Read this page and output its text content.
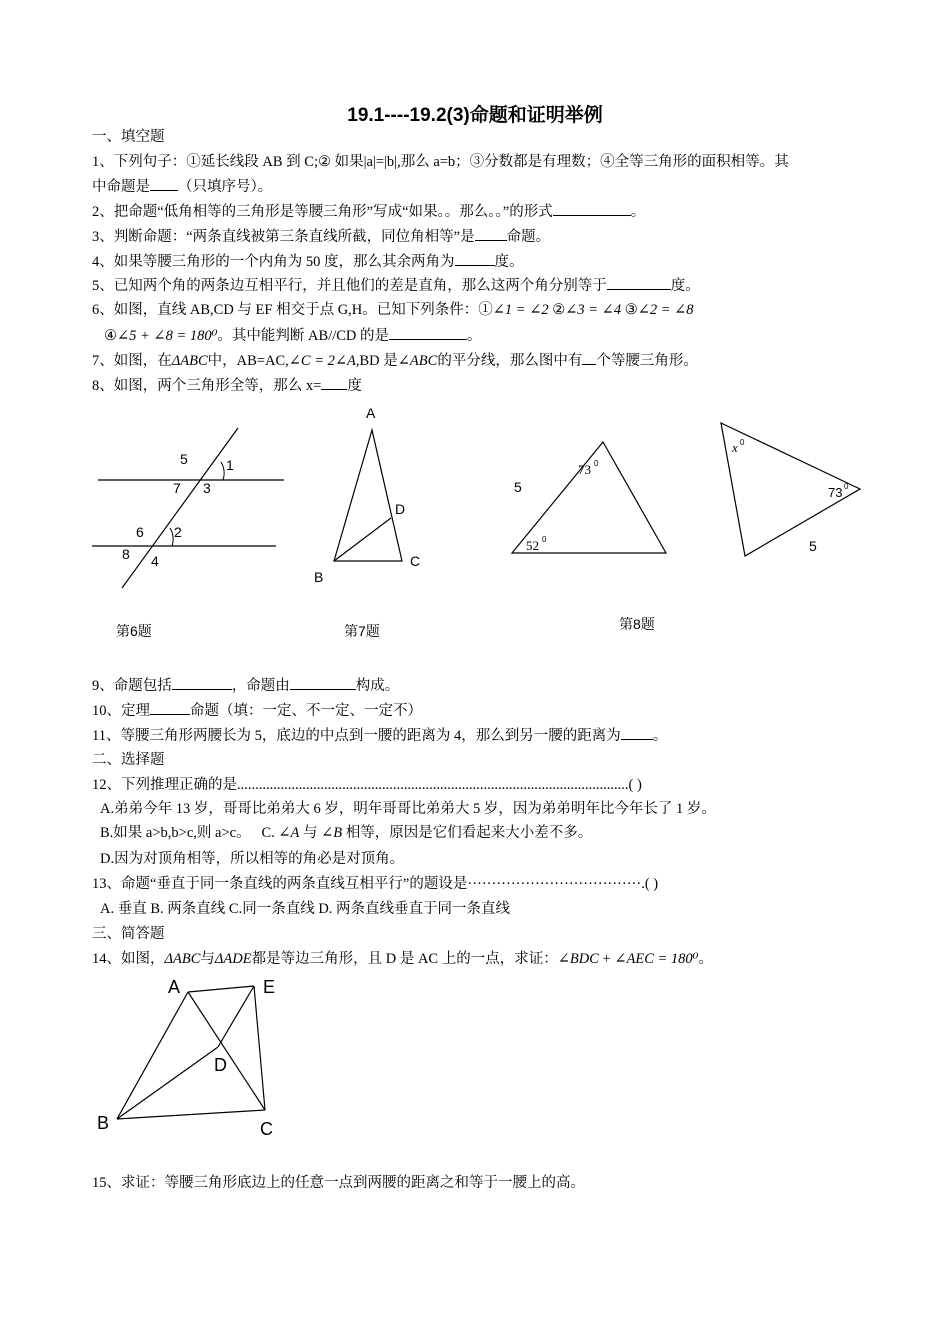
19.1----19.2(3)命题和证明举例
一、填空题
1、下列句子：①延长线段 AB 到 C;② 如果|a|=|b|,那么 a=b；③分数都是有理数；④全等三角形的面积相等。其
中命题是 （只填序号）。
2、把命题“低角相等的三角形是等腰三角形”写成“如果。。那么。。”的形式	。
3、判断命题：“两条直线被第三条直线所截，同位角相等”是 命题。
4、如果等腰三角形的一个内角为 50 度，那么其余两角为	度。
5、已知两个角的两条边互相平行，并且他们的差是直角，那么这两个角分别等于	度。
6、如图，直线 AB,CD 与 EF 相交于点 G,H。已知下列条件：①∠1 = ∠2 ②∠3 = ∠4 ③∠2 = ∠8
④∠5 + ∠8 = 180⁰。其中能判断 AB//CD 的是	。
7、如图，在ΔABC中，AB=AC,∠C = 2∠A,BD 是∠ABC的平分线，那么图中有 个等腰三角形。
8、如图，两个三角形全等，那么 x= 度
5	1
7 3
6 2
8 4
第6题
A
D
B
C
第7题
5
73 0
52 0
x 0
73 0
5
第8题
9、命题包括	，命题由	构成。
10、定理	命题（填：一定、不一定、一定不）
11、等腰三角形两腰长为 5，底边的中点到一腰的距离为 4，那么到另一腰的距离为 。
二、选择题
12、下列推理正确的是............................................................................................................( )
A.弟弟今年 13 岁，哥哥比弟弟大 6 岁，明年哥哥比弟弟大 5 岁，因为弟弟明年比今年长了 1 岁。
B.如果 a>b,b>c,则 a>c。 C. ∠A 与 ∠B 相等，原因是它们看起来大小差不多。
D.因为对顶角相等，所以相等的角必是对顶角。
13、命题“垂直于同一条直线的两条直线互相平行”的题设是····································.( )
A. 垂直 B. 两条直线 C.同一条直线 D. 两条直线垂直于同一条直线
三、简答题
14、如图，ΔABC与ΔADE都是等边三角形，且 D 是 AC 上的一点，求证：∠BDC + ∠AEC = 180⁰。
A	E
D
B	C
15、求证：等腰三角形底边上的任意一点到两腰的距离之和等于一腰上的高。
